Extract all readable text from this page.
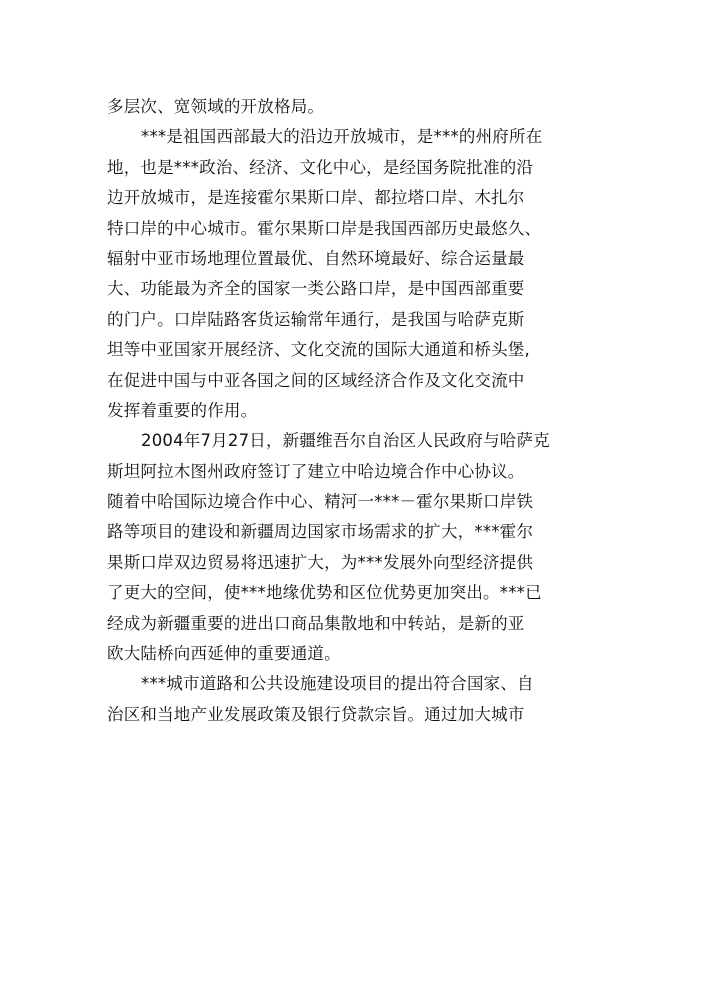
多层次、宽领域的开放格局。
***是祖国西部最大的沿边开放城市，是***的州府所在
地，也是***政治、经济、文化中心，是经国务院批准的沿
边开放城市，是连接霍尔果斯口岸、都拉塔口岸、木扎尔
特口岸的中心城市。霍尔果斯口岸是我国西部历史最悠久、
辐射中亚市场地理位置最优、自然环境最好、综合运量最
大、功能最为齐全的国家一类公路口岸，是中国西部重要
的门户。口岸陆路客货运输常年通行，是我国与哈萨克斯
坦等中亚国家开展经济、文化交流的国际大通道和桥头堡,
在促进中国与中亚各国之间的区域经济合作及文化交流中
发挥着重要的作用。
2004年7月27日，新疆维吾尔自治区人民政府与哈萨克
斯坦阿拉木图州政府签订了建立中哈边境合作中心协议。
随着中哈国际边境合作中心、精河一***－霍尔果斯口岸铁
路等项目的建设和新疆周边国家市场需求的扩大，***霍尔
果斯口岸双边贸易将迅速扩大，为***发展外向型经济提供
了更大的空间，使***地缘优势和区位优势更加突出。***已
经成为新疆重要的进出口商品集散地和中转站，是新的亚
欧大陆桥向西延伸的重要通道。
***城市道路和公共设施建设项目的提出符合国家、自
治区和当地产业发展政策及银行贷款宗旨。通过加大城市
